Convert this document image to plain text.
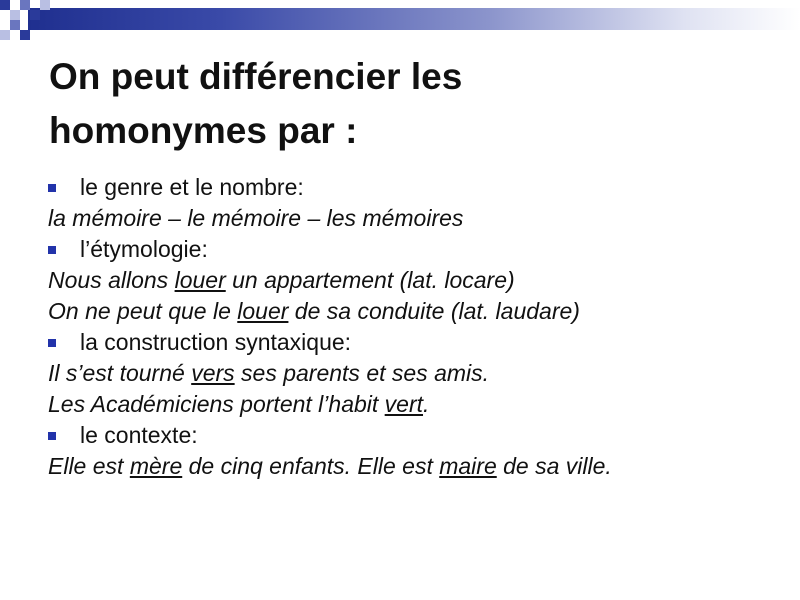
On peut différencier les
homonymes par :
le genre et le nombre:
la mémoire – le mémoire – les mémoires
l’étymologie:
Nous allons louer un appartement (lat. locare)
On ne peut que le louer de sa conduite (lat. laudare)
la construction syntaxique:
Il s’est tourné vers ses parents et ses amis.
Les Académiciens portent l’habit vert.
le contexte:
Elle est mère de cinq enfants. Elle est maire de sa ville.
